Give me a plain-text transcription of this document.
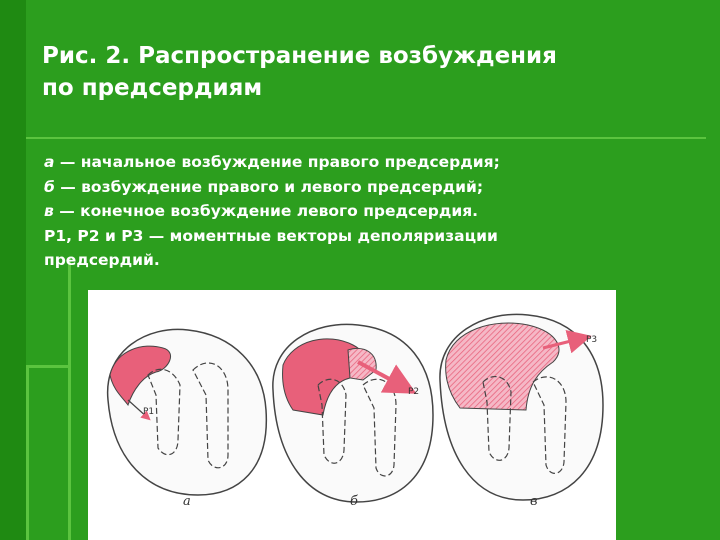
Рис. 2. Распространение возбуждения
по предсердиям
а — начальное возбуждение правого предсердия;
б — возбуждение правого и левого предсердий;
в — конечное возбуждение левого предсердия.
P1, P2 и P3 — моментные векторы деполяризации
предсердий.
P1
P2
P3
а	б	в
